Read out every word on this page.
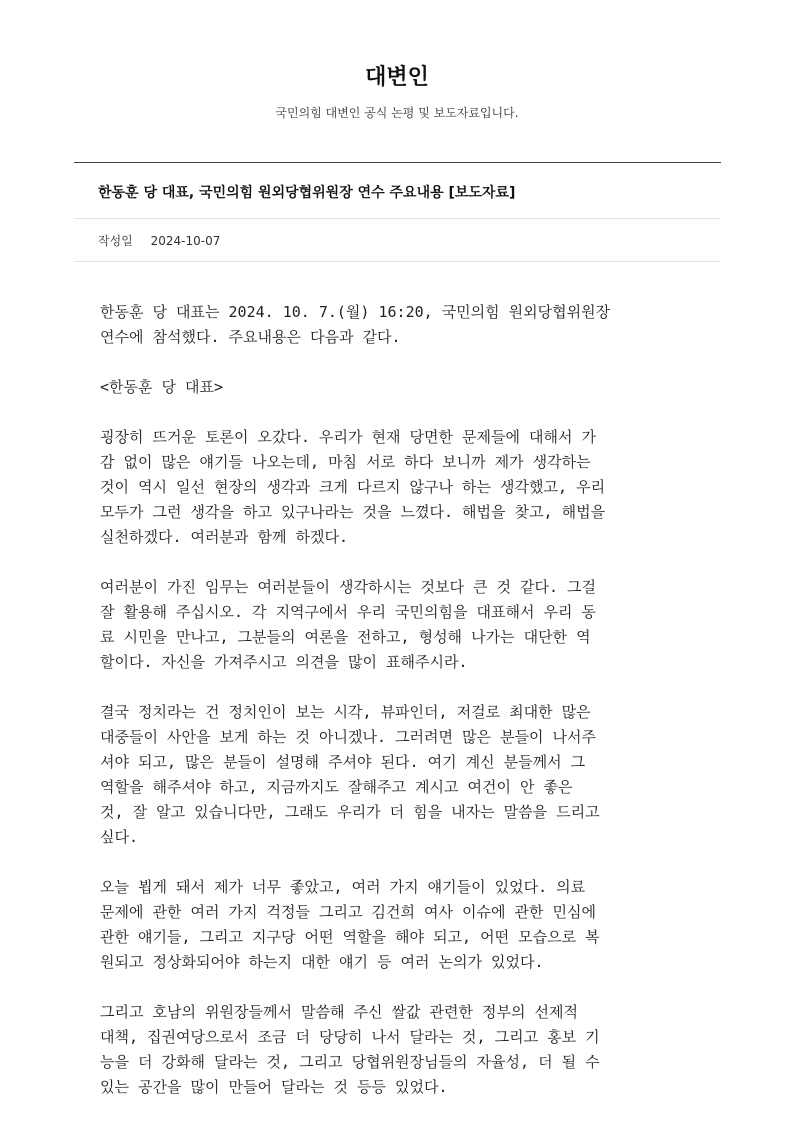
대변인
국민의힘 대변인 공식 논평 및 보도자료입니다.
한동훈 당 대표, 국민의힘 원외당협위원장 연수 주요내용 [보도자료]
작성일 2024-10-07

한동훈 당 대표는 2024. 10. 7.(월) 16:20, 국민의힘 원외당협위원장
연수에 참석했다. 주요내용은 다음과 같다.

<한동훈 당 대표>

굉장히 뜨거운 토론이 오갔다. 우리가 현재 당면한 문제들에 대해서 가
감 없이 많은 얘기들 나오는데, 마침 서로 하다 보니까 제가 생각하는
것이 역시 일선 현장의 생각과 크게 다르지 않구나 하는 생각했고, 우리
모두가 그런 생각을 하고 있구나라는 것을 느꼈다. 해법을 찾고, 해법을
실천하겠다. 여러분과 함께 하겠다.

여러분이 가진 임무는 여러분들이 생각하시는 것보다 큰 것 같다. 그걸
잘 활용해 주십시오. 각 지역구에서 우리 국민의힘을 대표해서 우리 동
료 시민을 만나고, 그분들의 여론을 전하고, 형성해 나가는 대단한 역
할이다. 자신을 가져주시고 의견을 많이 표해주시라.

결국 정치라는 건 정치인이 보는 시각, 뷰파인더, 저걸로 최대한 많은
대중들이 사안을 보게 하는 것 아니겠나. 그러려면 많은 분들이 나서주
셔야 되고, 많은 분들이 설명해 주셔야 된다. 여기 계신 분들께서 그
역할을 해주셔야 하고, 지금까지도 잘해주고 계시고 여건이 안 좋은
것, 잘 알고 있습니다만, 그래도 우리가 더 힘을 내자는 말씀을 드리고
싶다.

오늘 뵙게 돼서 제가 너무 좋았고, 여러 가지 얘기들이 있었다. 의료
문제에 관한 여러 가지 걱정들 그리고 김건희 여사 이슈에 관한 민심에
관한 얘기들, 그리고 지구당 어떤 역할을 해야 되고, 어떤 모습으로 복
원되고 정상화되어야 하는지 대한 얘기 등 여러 논의가 있었다.

그리고 호남의 위원장들께서 말씀해 주신 쌀값 관련한 정부의 선제적
대책, 집권여당으로서 조금 더 당당히 나서 달라는 것, 그리고 홍보 기
능을 더 강화해 달라는 것, 그리고 당협위원장님들의 자율성, 더 될 수
있는 공간을 많이 만들어 달라는 것 등등 있었다.
